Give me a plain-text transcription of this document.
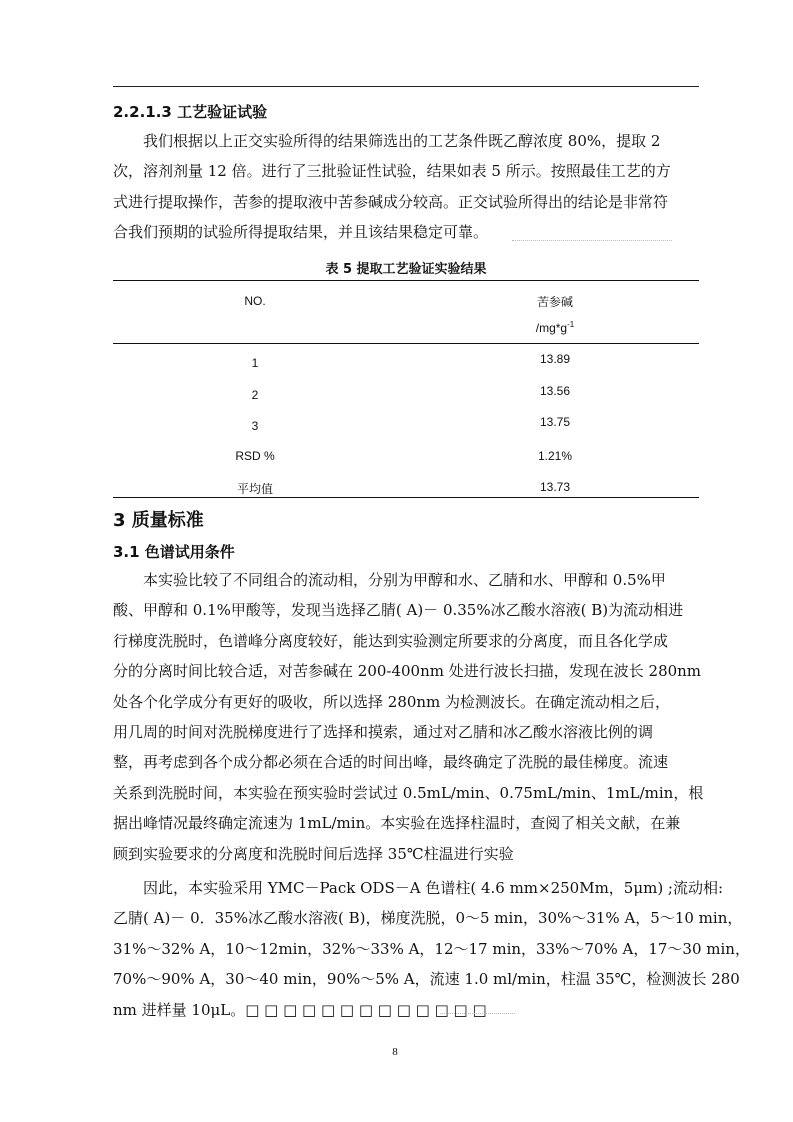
2.2.1.3 工艺验证试验
我们根据以上正交实验所得的结果筛选出的工艺条件既乙醇浓度 80%，提取 2
次，溶剂剂量 12 倍。进行了三批验证性试验，结果如表 5 所示。按照最佳工艺的方
式进行提取操作，苦参的提取液中苦参碱成分较高。正交试验所得出的结论是非常符
合我们预期的试验所得提取结果，并且该结果稳定可靠。
表 5 提取工艺验证实验结果
NO.	苦参碱
$/mg*g^{-1}$
1	13.89
2	13.56
3	13.75
RSD %	1.21%
平均值	13.73
3 质量标准
3.1 色谱试用条件
本实验比较了不同组合的流动相，分别为甲醇和水、乙腈和水、甲醇和 0.5%甲
酸、甲醇和 0.1%甲酸等，发现当选择乙腈( A)－ 0.35%冰乙酸水溶液( B)为流动相进
行梯度洗脱时，色谱峰分离度较好，能达到实验测定所要求的分离度，而且各化学成
分的分离时间比较合适，对苦参碱在 200-400nm 处进行波长扫描，发现在波长 280nm
处各个化学成分有更好的吸收，所以选择 280nm 为检测波长。在确定流动相之后，
用几周的时间对洗脱梯度进行了选择和摸索，通过对乙腈和冰乙酸水溶液比例的调
整，再考虑到各个成分都必须在合适的时间出峰，最终确定了洗脱的最佳梯度。流速
关系到洗脱时间，本实验在预实验时尝试过 0.5mL/min、0.75mL/min、1mL/min，根
据出峰情况最终确定流速为 1mL/min。本实验在选择柱温时，查阅了相关文献，在兼
顾到实验要求的分离度和洗脱时间后选择 35℃柱温进行实验
因此，本实验采用 YMC－Pack ODS－A 色谱柱( 4.6 mm×250Mm，5μm) ;流动相:
乙腈( A)－ 0．35%冰乙酸水溶液( B)，梯度洗脱，0～5 min，30%～31% A，5～10 min，
31%～32% A，10～12min，32%～33% A，12～17 min，33%～70% A，17～30 min，
70%～90% A，30～40 min，90%～5% A，流速 1.0 ml/min，柱温 35℃，检测波长 280
nm 进样量 10μL。□ □ □ □ □ □ □ □ □ □ □ □ □
8
